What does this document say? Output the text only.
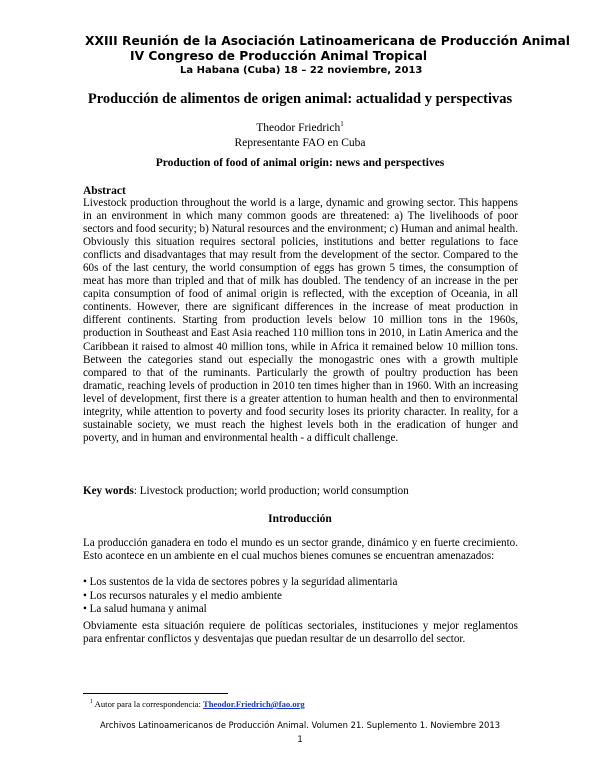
XXIII Reunión de la Asociación Latinoamericana de Producción Animal
IV Congreso de Producción Animal Tropical
La Habana (Cuba) 18 – 22 noviembre, 2013
Producción de alimentos de origen animal: actualidad y perspectivas
Theodor Friedrich$^1$
Representante FAO en Cuba
Production of food of animal origin: news and perspectives
Abstract

Livestock production throughout the world is a large, dynamic and growing sector. This happens in an environment in which many common goods are threatened: a) The livelihoods of poor sectors and food security; b) Natural resources and the environment; c) Human and animal health. Obviously this situation requires sectoral policies, institutions and better regulations to face conflicts and disadvantages that may result from the development of the sector. Compared to the 60s of the last century, the world consumption of eggs has grown 5 times, the consumption of meat has more than tripled and that of milk has doubled. The tendency of an increase in the per capita consumption of food of animal origin is reflected, with the exception of Oceania, in all continents. However, there are significant differences in the increase of meat production in different continents. Starting from production levels below 10 million tons in the 1960s, production in Southeast and East Asia reached 110 million tons in 2010, in Latin America and the Caribbean it raised to almost 40 million tons, while in Africa it remained below 10 million tons. Between the categories stand out especially the monogastric ones with a growth multiple compared to that of the ruminants. Particularly the growth of poultry production has been dramatic, reaching levels of production in 2010 ten times higher than in 1960. With an increasing level of development, first there is a greater attention to human health and then to environmental integrity, while attention to poverty and food security loses its priority character. In reality, for a sustainable society, we must reach the highest levels both in the eradication of hunger and poverty, and in human and environmental health - a difficult challenge.

Key words: Livestock production; world production; world consumption
Introducción

La producción ganadera en todo el mundo es un sector grande, dinámico y en fuerte crecimiento. Esto acontece en un ambiente en el cual muchos bienes comunes se encuentran amenazados:

• Los sustentos de la vida de sectores pobres y la seguridad alimentaria
• Los recursos naturales y el medio ambiente
• La salud humana y animal

Obviamente esta situación requiere de políticas sectoriales, instituciones y mejor reglamentos para enfrentar conflictos y desventajas que puedan resultar de un desarrollo del sector.

$^1$ Autor para la correspondencia: Theodor.Friedrich@fao.org
Archivos Latinoamericanos de Producción Animal. Volumen 21. Suplemento 1. Noviembre 2013
1
